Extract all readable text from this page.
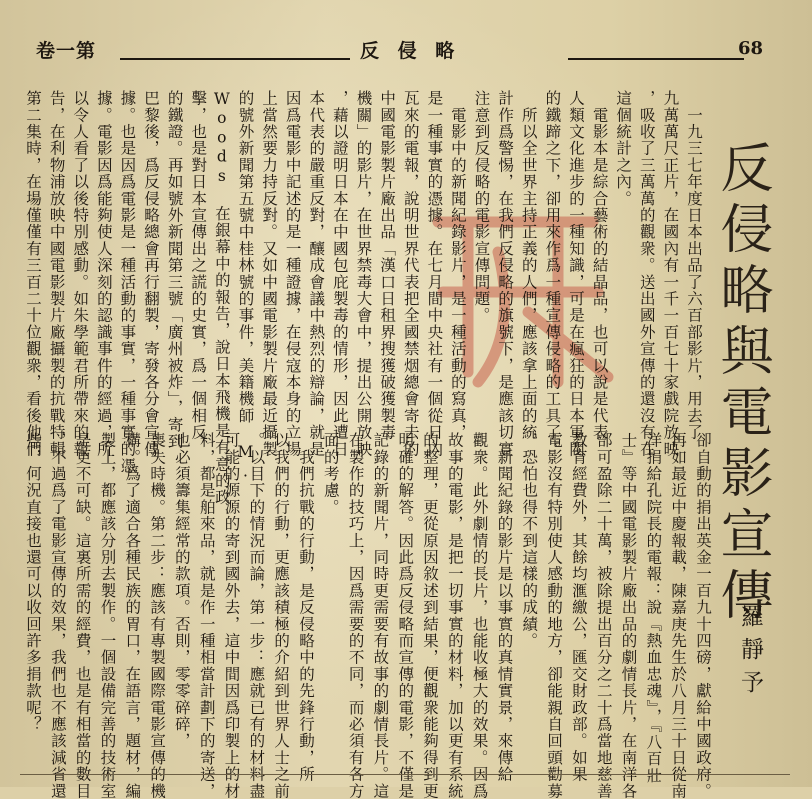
卷一第	反 侵 略	68
反侵略與電影宣傳
羅靜予
　一九三七年度日本出品了六百部影片，用去了
九萬萬尺正片，在國內有一千一百七十家戲院放映
，吸收了三萬萬的觀衆。送出國外宣傳的還沒有在
這個統計之內。
　電影本是綜合藝術的結晶品，也可以說是代表
人類文化進步的一種知識，可是在瘋狂的日本軍閥
的鐵蹄之下，卻用來作爲一種宣傳侵略的工具了。
　所以全世界主持正義的人們，應該拿上面的統
計作爲警惕，在我們反侵略的旗號下，是應該切實
注意到反侵略的電影宣傳問題。
　電影中的新聞紀錄影片，是一種活動的寫真，
是一種事實的憑據。在七月間中央社有一個從日內
瓦來的電報，說明世界代表把全國禁烟總會寄去的
中國電影製片廠出品「漢口日租界搜獲破獲製毒
機關」的影片，在世界禁毒大會中，提出公開放映
，藉以證明日本在中國包庇製毒的情形，因此遭日
本代表的嚴重反對，釀成會議中熱烈的辯論，就是
因爲電影中記述的是一種證據，在侵寇本身的立場
上當然要力持反對。又如中國電影製片廠最近攝製
的號外新聞第五號中桂林號的事件，美籍機師 M.
Woods 在銀幕中的報告，說日本飛機是有意的政
擊，也是對日本宣傳出之謊的史實，爲一個相反
的鐵證。再如號外新聞第三號「廣州被炸」，寄到
巴黎後，爲反侵略總會再行翻製，寄發各分會宣傳
據。也是因爲電影是一種活動的事實，一種事實的憑
據。電影因爲能夠使人深刻的認識事件的經過，所
以令人看了以後特別感動。如朱學範君所帶來的報
告，在利物浦放映中國電影製片廠攝製的抗戰特輯
第二集時，在場僅僅有三百二十位觀衆，看後他們
卻自動的捐出英金一百九十四磅，獻給中國政府。
再如最近中慶報載，陳嘉庚先生於八月三十日從南
洋捐給孔院長的電報：說『熱血忠魂』，『八百壯
士』等中國電影製片廠出品的劇情長片，在南洋各
部可盈除二十萬，被除提出百分之二十爲當地慈善
教育經費外，其餘均滙繳公，匯交財政部。如果
電影沒有特別使人感動的地方，卻能親自回頭勸募
，恐怕也得不到這樣的成績。
　新聞紀錄的影片是以事實的真情實景，來傳給
觀衆。此外劇情的長片，也能收極大的效果。因爲
故事的電影，是把一切事實的材料，加以更有系統
的整理，更從原因敘述到結果，便觀衆能夠得到更
明確的解答。因此爲反侵略而宣傳的電影，不僅是
記錄的新聞片，同時更需要有故事的劇情長片。這
在製作的技巧上，因爲需要的不同，而必須有各方
面的考慮。
　我們抗戰的行動，是反侵略中的先鋒行動，所
以我們的行動，更應該積極的介紹到世界人士之前
。以目下的情況而論，第一步：應就已有的材料盡
可能的源源的寄到國外去，這中間因爲印製上的材
料，都是舶來品，就是作一種相當計劃下的寄送，
也必須籌集經常的款項。否則，零零碎碎，
喪失時機。第二步：應該有專製國際電影宣傳的機
構。爲了適合各種民族的胃口，在語言，題材，編
製上，都應該分別去製作。一個設備完善的技術室
是更不可缺。這裏所需的經費，也是有相當的數目
，不過爲了電影宣傳的效果，我們也不應該減省還
些，何況直接也還可以收回許多捐款呢？
